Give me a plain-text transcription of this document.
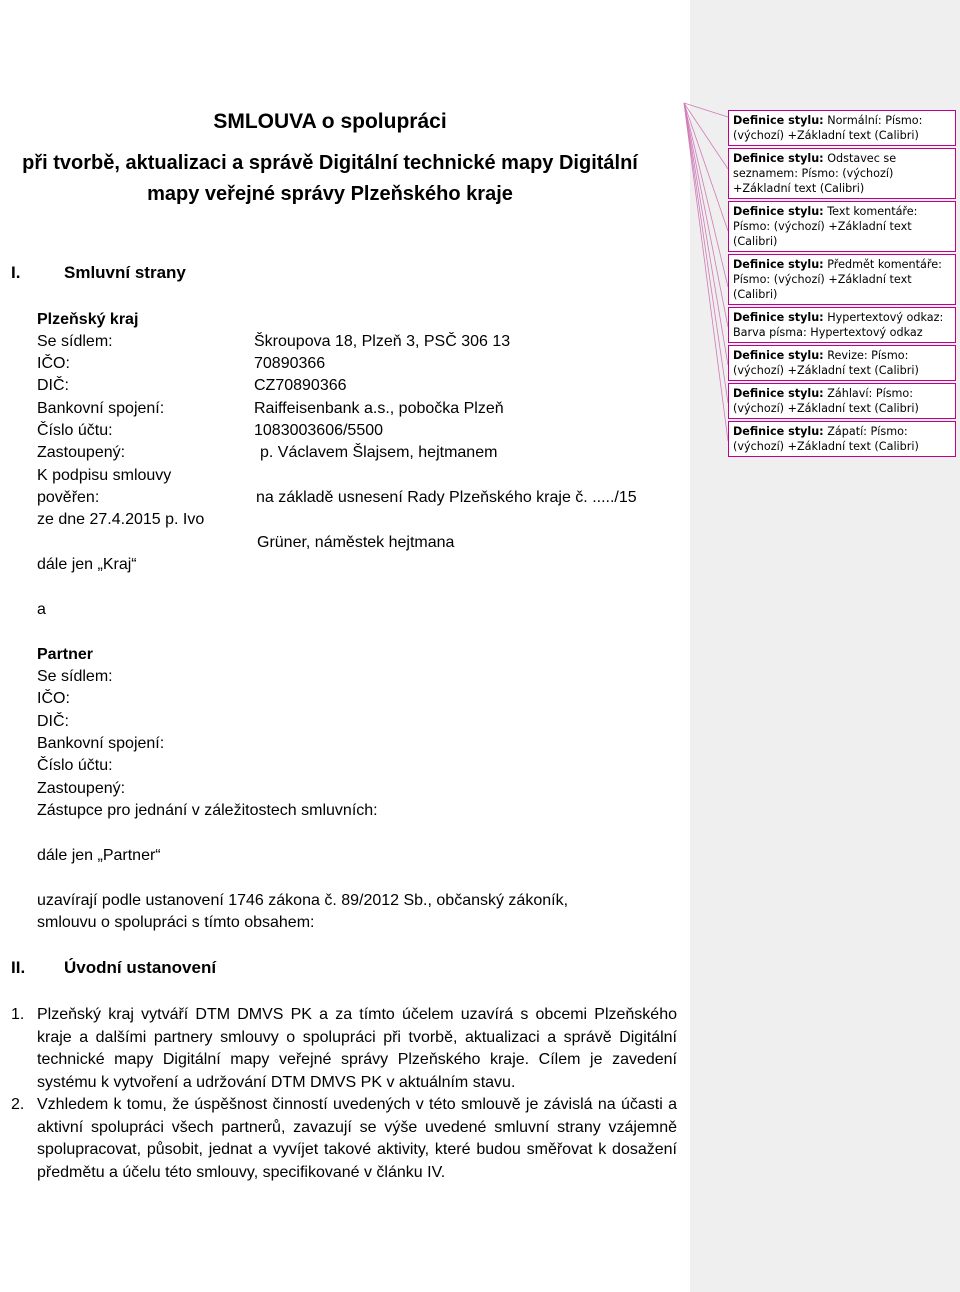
SMLOUVA o spolupráci
při tvorbě, aktualizaci a správě Digitální technické mapy Digitální
mapy veřejné správy Plzeňského kraje
I.	Smluvní strany
Plzeňský kraj
Se sídlem:	Škroupova 18, Plzeň 3, PSČ 306 13
IČO:	70890366
DIČ:	CZ70890366
Bankovní spojení:	Raiffeisenbank a.s., pobočka Plzeň
Číslo účtu:	1083003606/5500
Zastoupený:	p. Václavem Šlajsem, hejtmanem
K podpisu smlouvy
pověřen:	na základě usnesení Rady Plzeňského kraje č. ...../15
ze dne 27.4.2015 p. Ivo
Grüner, náměstek hejtmana
dále jen „Kraj“
a
Partner
Se sídlem:
IČO:
DIČ:
Bankovní spojení:
Číslo účtu:
Zastoupený:
Zástupce pro jednání v záležitostech smluvních:
dále jen „Partner“
uzavírají podle ustanovení 1746 zákona č. 89/2012 Sb., občanský zákoník,
smlouvu o spolupráci s tímto obsahem:
II. Úvodní ustanovení
1. Plzeňský kraj vytváří DTM DMVS PK a za tímto účelem uzavírá s obcemi Plzeňského kraje a dalšími partnery smlouvy o spolupráci při tvorbě, aktualizaci a správě Digitální technické mapy Digitální mapy veřejné správy Plzeňského kraje. Cílem je zavedení systému k vytvoření a udržování DTM DMVS PK v aktuálním stavu.
2. Vzhledem k tomu, že úspěšnost činností uvedených v této smlouvě je závislá na účasti a aktivní spolupráci všech partnerů, zavazují se výše uvedené smluvní strany vzájemně spolupracovat, působit, jednat a vyvíjet takové aktivity, které budou směřovat k dosažení předmětu a účelu této smlouvy, specifikované v článku IV.
Definice stylu: Normální: Písmo: (výchozí) +Základní text (Calibri)
Definice stylu: Odstavec se seznamem: Písmo: (výchozí) +Základní text (Calibri)
Definice stylu: Text komentáře: Písmo: (výchozí) +Základní text (Calibri)
Definice stylu: Předmět komentáře: Písmo: (výchozí) +Základní text (Calibri)
Definice stylu: Hypertextový odkaz: Barva písma: Hypertextový odkaz
Definice stylu: Revize: Písmo: (výchozí) +Základní text (Calibri)
Definice stylu: Záhlaví: Písmo: (výchozí) +Základní text (Calibri)
Definice stylu: Zápatí: Písmo: (výchozí) +Základní text (Calibri)
